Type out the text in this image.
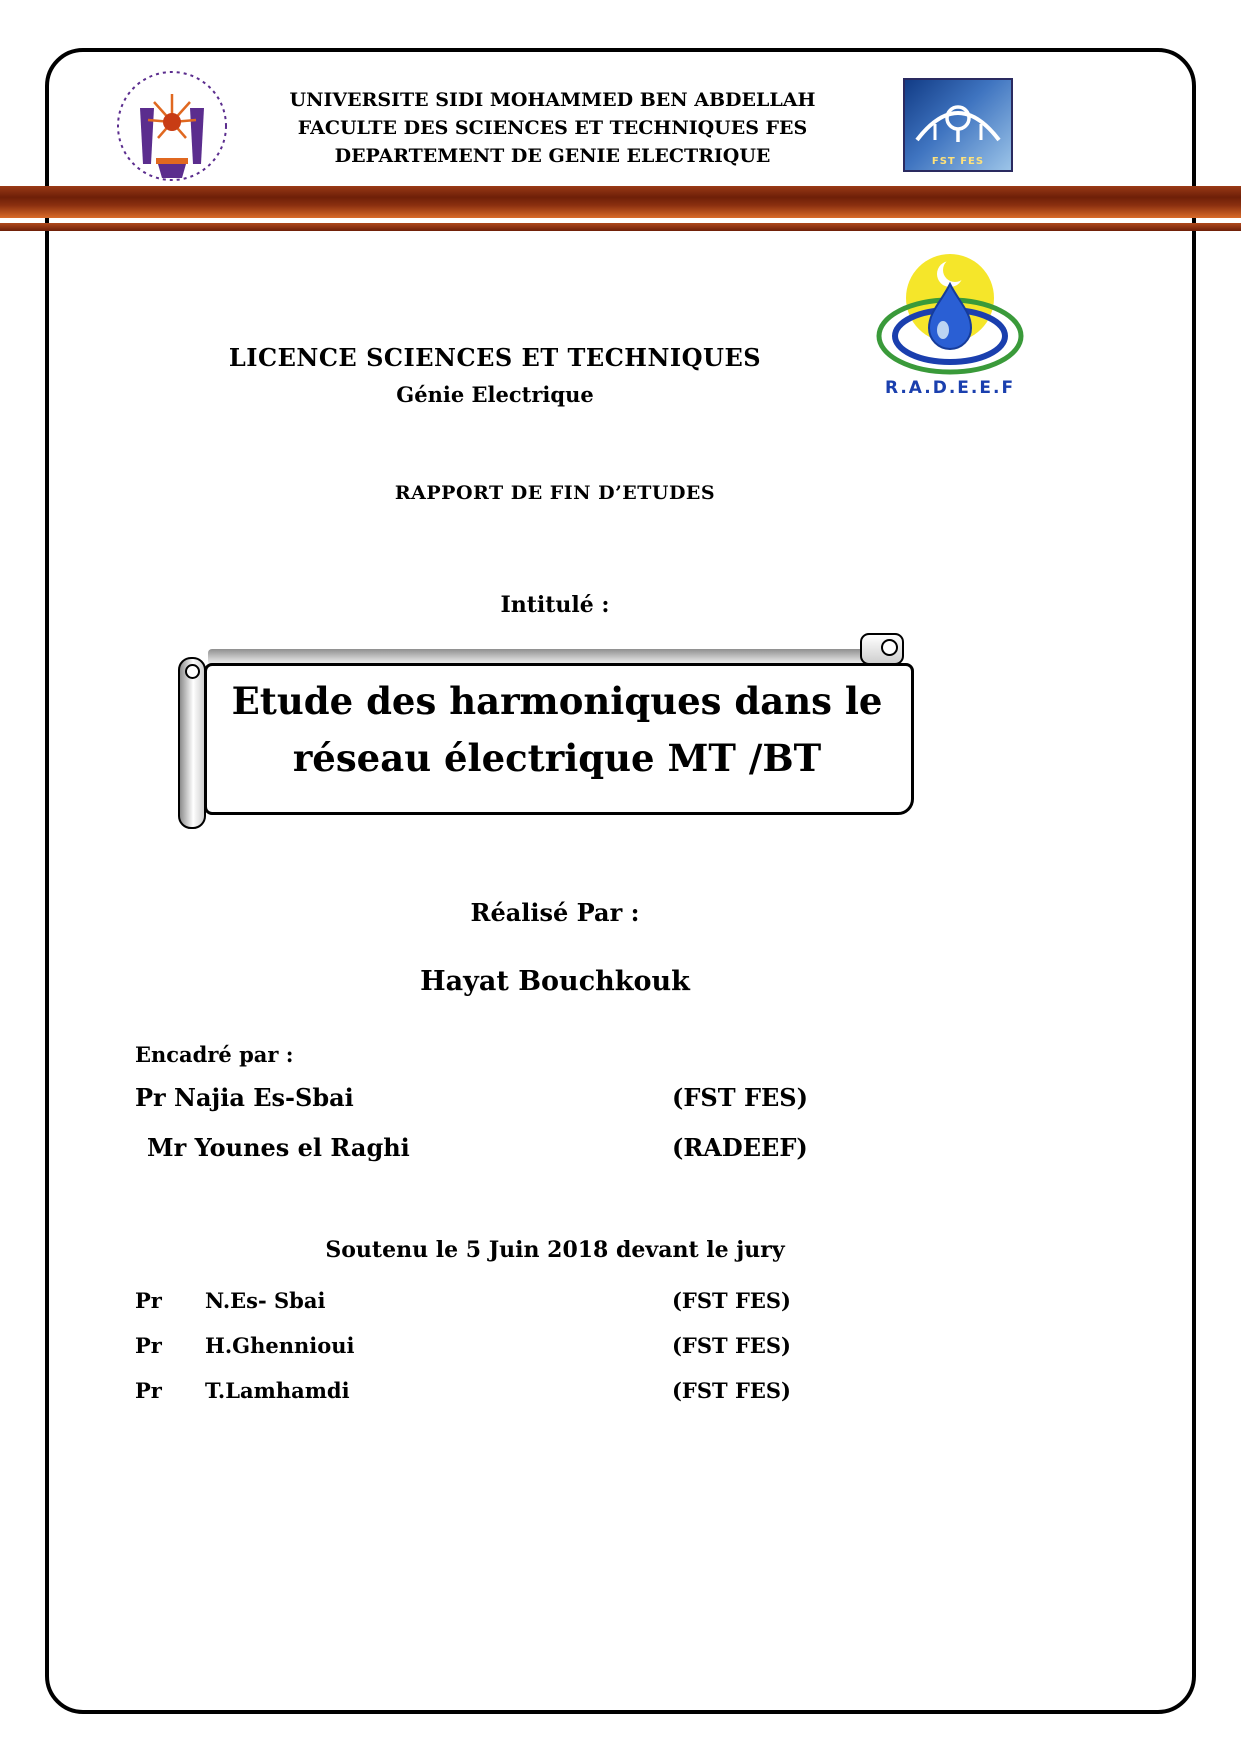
UNIVERSITE SIDI MOHAMMED BEN ABDELLAH
FACULTE DES SCIENCES ET TECHNIQUES FES
DEPARTEMENT DE GENIE ELECTRIQUE	FST FES
R.A.D.E.E.F
LICENCE SCIENCES ET TECHNIQUES
Génie Electrique
RAPPORT DE FIN D’ETUDES
Intitulé :
Etude des harmoniques dans le
réseau électrique MT /BT
Réalisé Par :
Hayat Bouchkouk
Encadré par :
Pr Najia Es-Sbai	(FST FES)
Mr Younes el Raghi	(RADEEF)
Soutenu le 5 Juin 2018 devant le jury
Pr N.Es- Sbai	(FST FES)
Pr H.Ghennioui	(FST FES)
Pr T.Lamhamdi	(FST FES)
